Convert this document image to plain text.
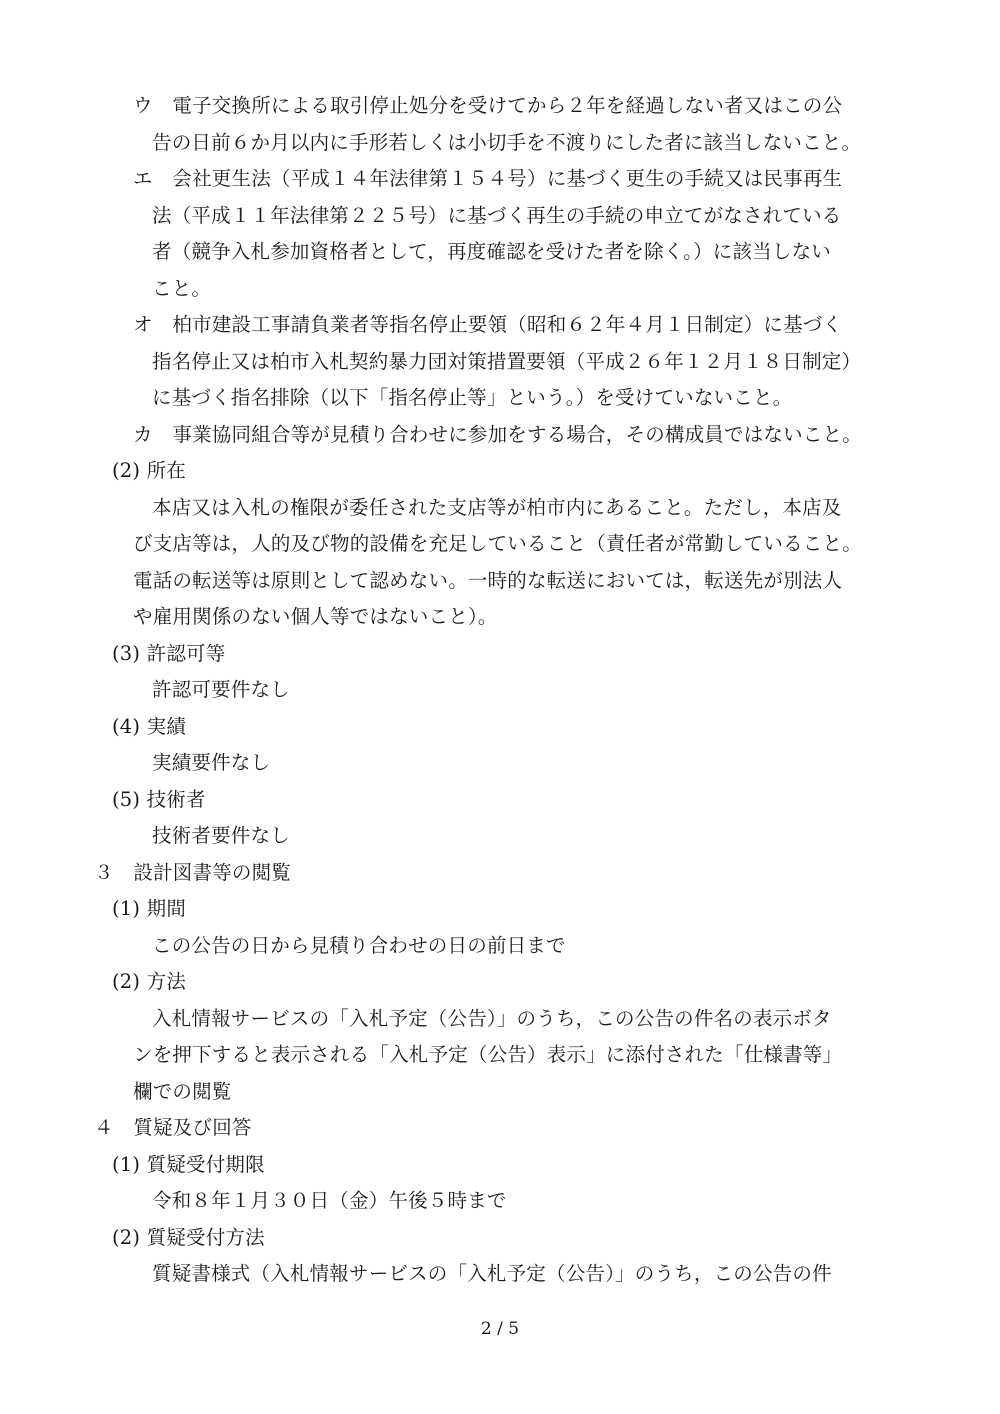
ウ　電子交換所による取引停止処分を受けてから２年を経過しない者又はこの公
告の日前６か月以内に手形若しくは小切手を不渡りにした者に該当しないこと。
エ　会社更生法（平成１４年法律第１５４号）に基づく更生の手続又は民事再生
法（平成１１年法律第２２５号）に基づく再生の手続の申立てがなされている
者（競争入札参加資格者として，再度確認を受けた者を除く。）に該当しない
こと。
オ　柏市建設工事請負業者等指名停止要領（昭和６２年４月１日制定）に基づく
指名停止又は柏市入札契約暴力団対策措置要領（平成２６年１２月１８日制定）
に基づく指名排除（以下「指名停止等」という。）を受けていないこと。
カ　事業協同組合等が見積り合わせに参加をする場合，その構成員ではないこと。
(2) 所在
本店又は入札の権限が委任された支店等が柏市内にあること。ただし，本店及
び支店等は，人的及び物的設備を充足していること（責任者が常勤していること。
電話の転送等は原則として認めない。一時的な転送においては，転送先が別法人
や雇用関係のない個人等ではないこと）。
(3) 許認可等
許認可要件なし
(4) 実績
実績要件なし
(5) 技術者
技術者要件なし
３　設計図書等の閲覧
(1) 期間
この公告の日から見積り合わせの日の前日まで
(2) 方法
入札情報サービスの「入札予定（公告）」のうち，この公告の件名の表示ボタ
ンを押下すると表示される「入札予定（公告）表示」に添付された「仕様書等」
欄での閲覧
４　質疑及び回答
(1) 質疑受付期限
令和８年１月３０日（金）午後５時まで
(2) 質疑受付方法
質疑書様式（入札情報サービスの「入札予定（公告）」のうち，この公告の件
2 / 5
